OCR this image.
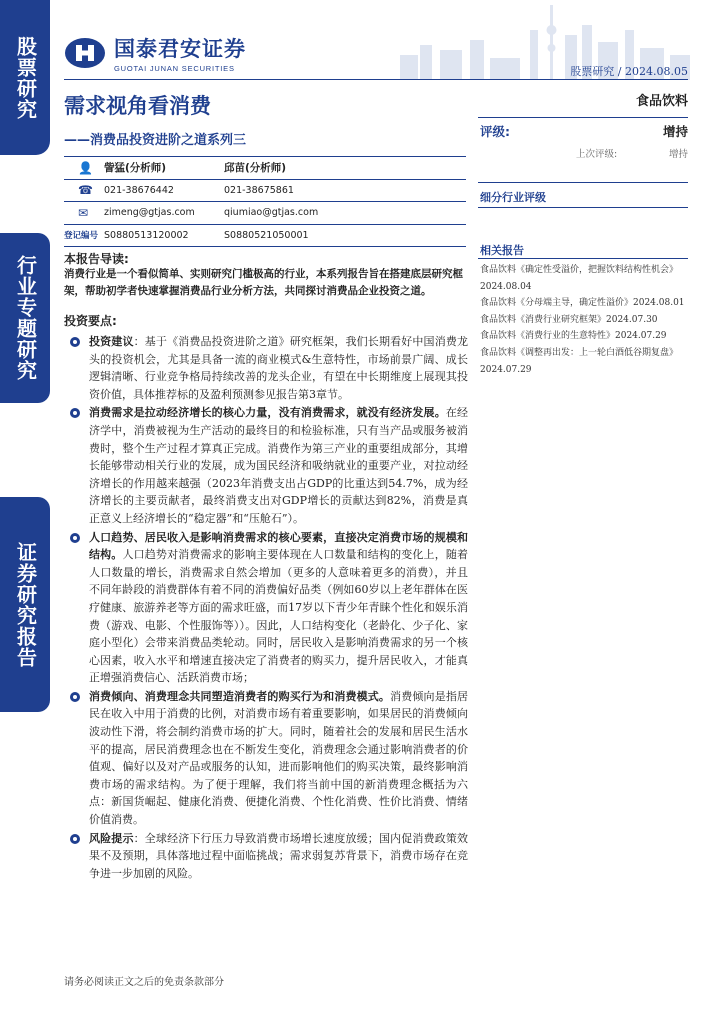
股票研究
行业专题研究
证券研究报告
国泰君安证券
GUOTAI JUNAN SECURITIES	股票研究 / 2024.08.05
需求视角看消费
——消费品投资进阶之道系列三
食品饮料
评级:	增持
上次评级:	增持
细分行业评级
👤	訾猛(分析师)	邱苗(分析师)
☎	021-38676442	021-38675861
✉	zimeng@gtjas.com	qiumiao@gtjas.com
登记编号 S0880513120002	S0880521050001
本报告导读:
消费行业是一个看似简单、实则研究门槛极高的行业，本系列报告旨在搭建底层研究框架，帮助初学者快速掌握消费品行业分析方法，共同探讨消费品企业投资之道。
投资要点:
投资建议：基于《消费品投资进阶之道》研究框架，我们长期看好中国消费龙头的投资机会，尤其是具备一流的商业模式&生意特性，市场前景广阔、成长逻辑清晰、行业竞争格局持续改善的龙头企业，有望在中长期维度上展现其投资价值，具体推荐标的及盈利预测参见报告第3章节。
消费需求是拉动经济增长的核心力量，没有消费需求，就没有经济发展。在经济学中，消费被视为生产活动的最终目的和检验标准，只有当产品或服务被消费时，整个生产过程才算真正完成。消费作为第三产业的重要组成部分，其增长能够带动相关行业的发展，成为国民经济和吸纳就业的重要产业，对拉动经济增长的作用越来越强（2023年消费支出占GDP的比重达到54.7%，成为经济增长的主要贡献者，最终消费支出对GDP增长的贡献达到82%，消费是真正意义上经济增长的“稳定器”和“压舱石”）。
人口趋势、居民收入是影响消费需求的核心要素，直接决定消费市场的规模和结构。人口趋势对消费需求的影响主要体现在人口数量和结构的变化上，随着人口数量的增长，消费需求自然会增加（更多的人意味着更多的消费），并且不同年龄段的消费群体有着不同的消费偏好品类（例如60岁以上老年群体在医疗健康、旅游养老等方面的需求旺盛，而17岁以下青少年青睐个性化和娱乐消费（游戏、电影、个性服饰等））。因此，人口结构变化（老龄化、少子化、家庭小型化）会带来消费品类轮动。同时，居民收入是影响消费需求的另一个核心因素，收入水平和增速直接决定了消费者的购买力，提升居民收入，才能真正增强消费信心、活跃消费市场；
消费倾向、消费理念共同塑造消费者的购买行为和消费模式。消费倾向是指居民在收入中用于消费的比例，对消费市场有着重要影响，如果居民的消费倾向波动性下滑，将会制约消费市场的扩大。同时，随着社会的发展和居民生活水平的提高，居民消费理念也在不断发生变化，消费理念会通过影响消费者的价值观、偏好以及对产品或服务的认知，进而影响他们的购买决策，最终影响消费市场的需求结构。为了便于理解，我们将当前中国的新消费理念概括为六点：新国货崛起、健康化消费、便捷化消费、个性化消费、性价比消费、情绪价值消费。
风险提示：全球经济下行压力导致消费市场增长速度放缓；国内促消费政策效果不及预期，具体落地过程中面临挑战；需求弱复苏背景下，消费市场存在竞争进一步加剧的风险。
相关报告
食品饮料《确定性受溢价，把握饮料结构性机会》2024.08.04
食品饮料《分母端主导，确定性溢价》2024.08.01
食品饮料《消费行业研究框架》2024.07.30
食品饮料《消费行业的生意特性》2024.07.29
食品饮料《调整再出发：上一轮白酒低谷期复盘》2024.07.29
请务必阅读正文之后的免责条款部分
